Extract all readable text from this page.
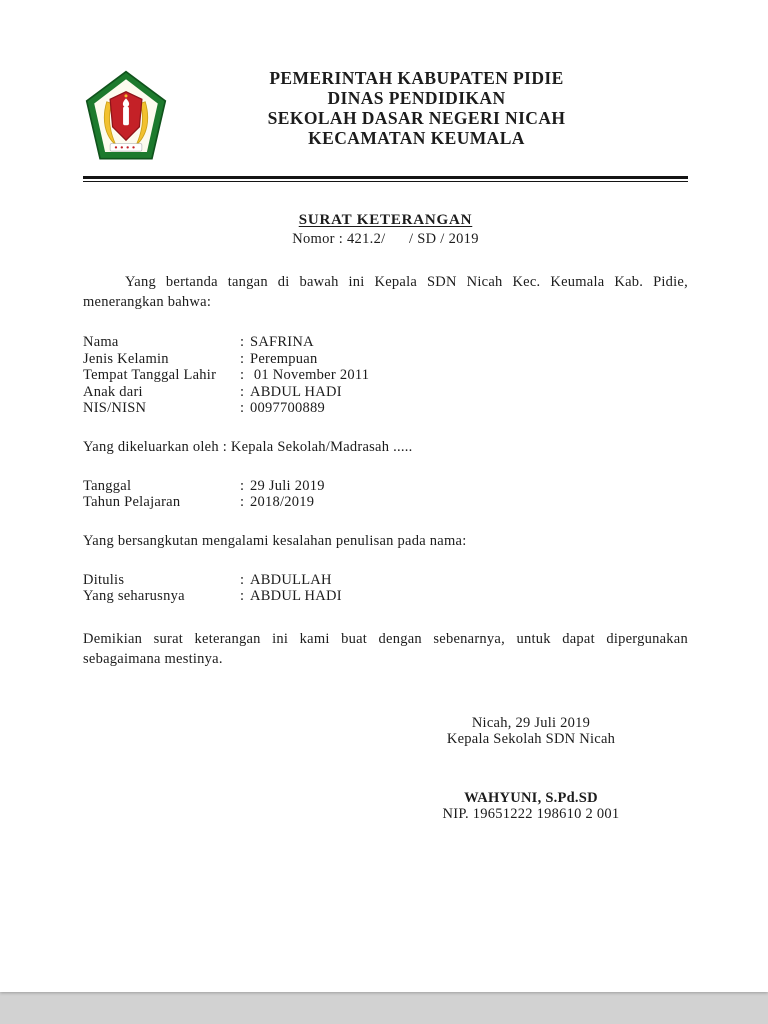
PEMERINTAH KABUPATEN PIDIE
DINAS PENDIDIKAN
SEKOLAH DASAR NEGERI NICAH
KECAMATAN KEUMALA
SURAT KETERANGAN
Nomor : 421.2/      / SD / 2019
Yang bertanda tangan di bawah ini Kepala SDN Nicah Kec. Keumala Kab. Pidie, menerangkan bahwa:
Nama	: SAFRINA
Jenis Kelamin	: Perempuan
Tempat Tanggal Lahir	: 01 November 2011
Anak dari	: ABDUL HADI
NIS/NISN	: 0097700889
Yang dikeluarkan oleh : Kepala Sekolah/Madrasah .....
Tanggal	: 29 Juli 2019
Tahun Pelajaran	: 2018/2019
Yang bersangkutan mengalami kesalahan penulisan pada nama:
Ditulis	: ABDULLAH
Yang seharusnya	: ABDUL HADI
Demikian surat keterangan ini kami buat dengan sebenarnya, untuk dapat dipergunakan sebagaimana mestinya.
Nicah, 29 Juli 2019
Kepala Sekolah SDN Nicah
WAHYUNI, S.Pd.SD
NIP. 19651222 198610 2 001
